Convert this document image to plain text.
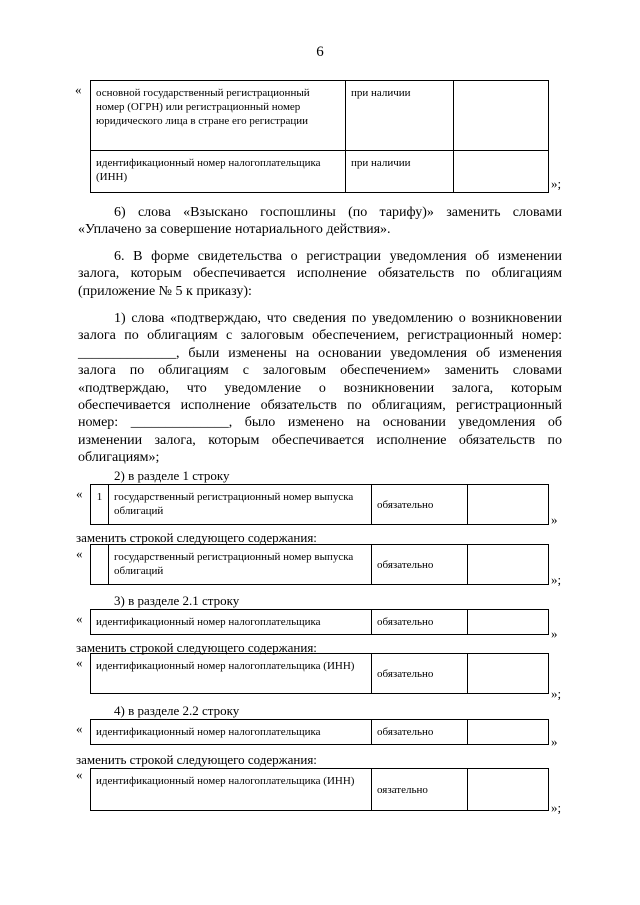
6
« основной государственный регистрационный номер (ОГРН) или регистрационный номер юридического лица в стране его регистрации	при наличии	
идентификационный номер налогоплательщика (ИНН)	при наличии	
»;
6) слова «Взыскано госпошлины (по тарифу)» заменить словами «Уплачено за совершение нотариального действия».
6. В форме свидетельства о регистрации уведомления об изменении залога, которым обеспечивается исполнение обязательств по облигациям (приложение № 5 к приказу):
1) слова «подтверждаю, что сведения по уведомлению о возникновении залога по облигациям с залоговым обеспечением, регистрационный номер: ______________, были изменены на основании уведомления об изменения залога по облигациям с залоговым обеспечением» заменить словами «подтверждаю, что уведомление о возникновении залога, которым обеспечивается исполнение обязательств по облигациям, регистрационный номер: ______________, было изменено на основании уведомления об изменении залога, которым обеспечивается исполнение обязательств по облигациям»;
2) в разделе 1 строку
« 1	государственный регистрационный номер выпуска облигаций	обязательно	
»
заменить строкой следующего содержания:
«
		государственный регистрационный номер выпуска облигаций	обязательно	
»;
3) в разделе 2.1 строку
« идентификационный номер налогоплательщика	обязательно	
»
заменить строкой следующего содержания:
« идентификационный номер налогоплательщика (ИНН)	обязательно	
»;
4) в разделе 2.2 строку
« идентификационный номер налогоплательщика	обязательно	
»
заменить строкой следующего содержания:
« идентификационный номер налогоплательщика (ИНН)	оязательно	
»;
